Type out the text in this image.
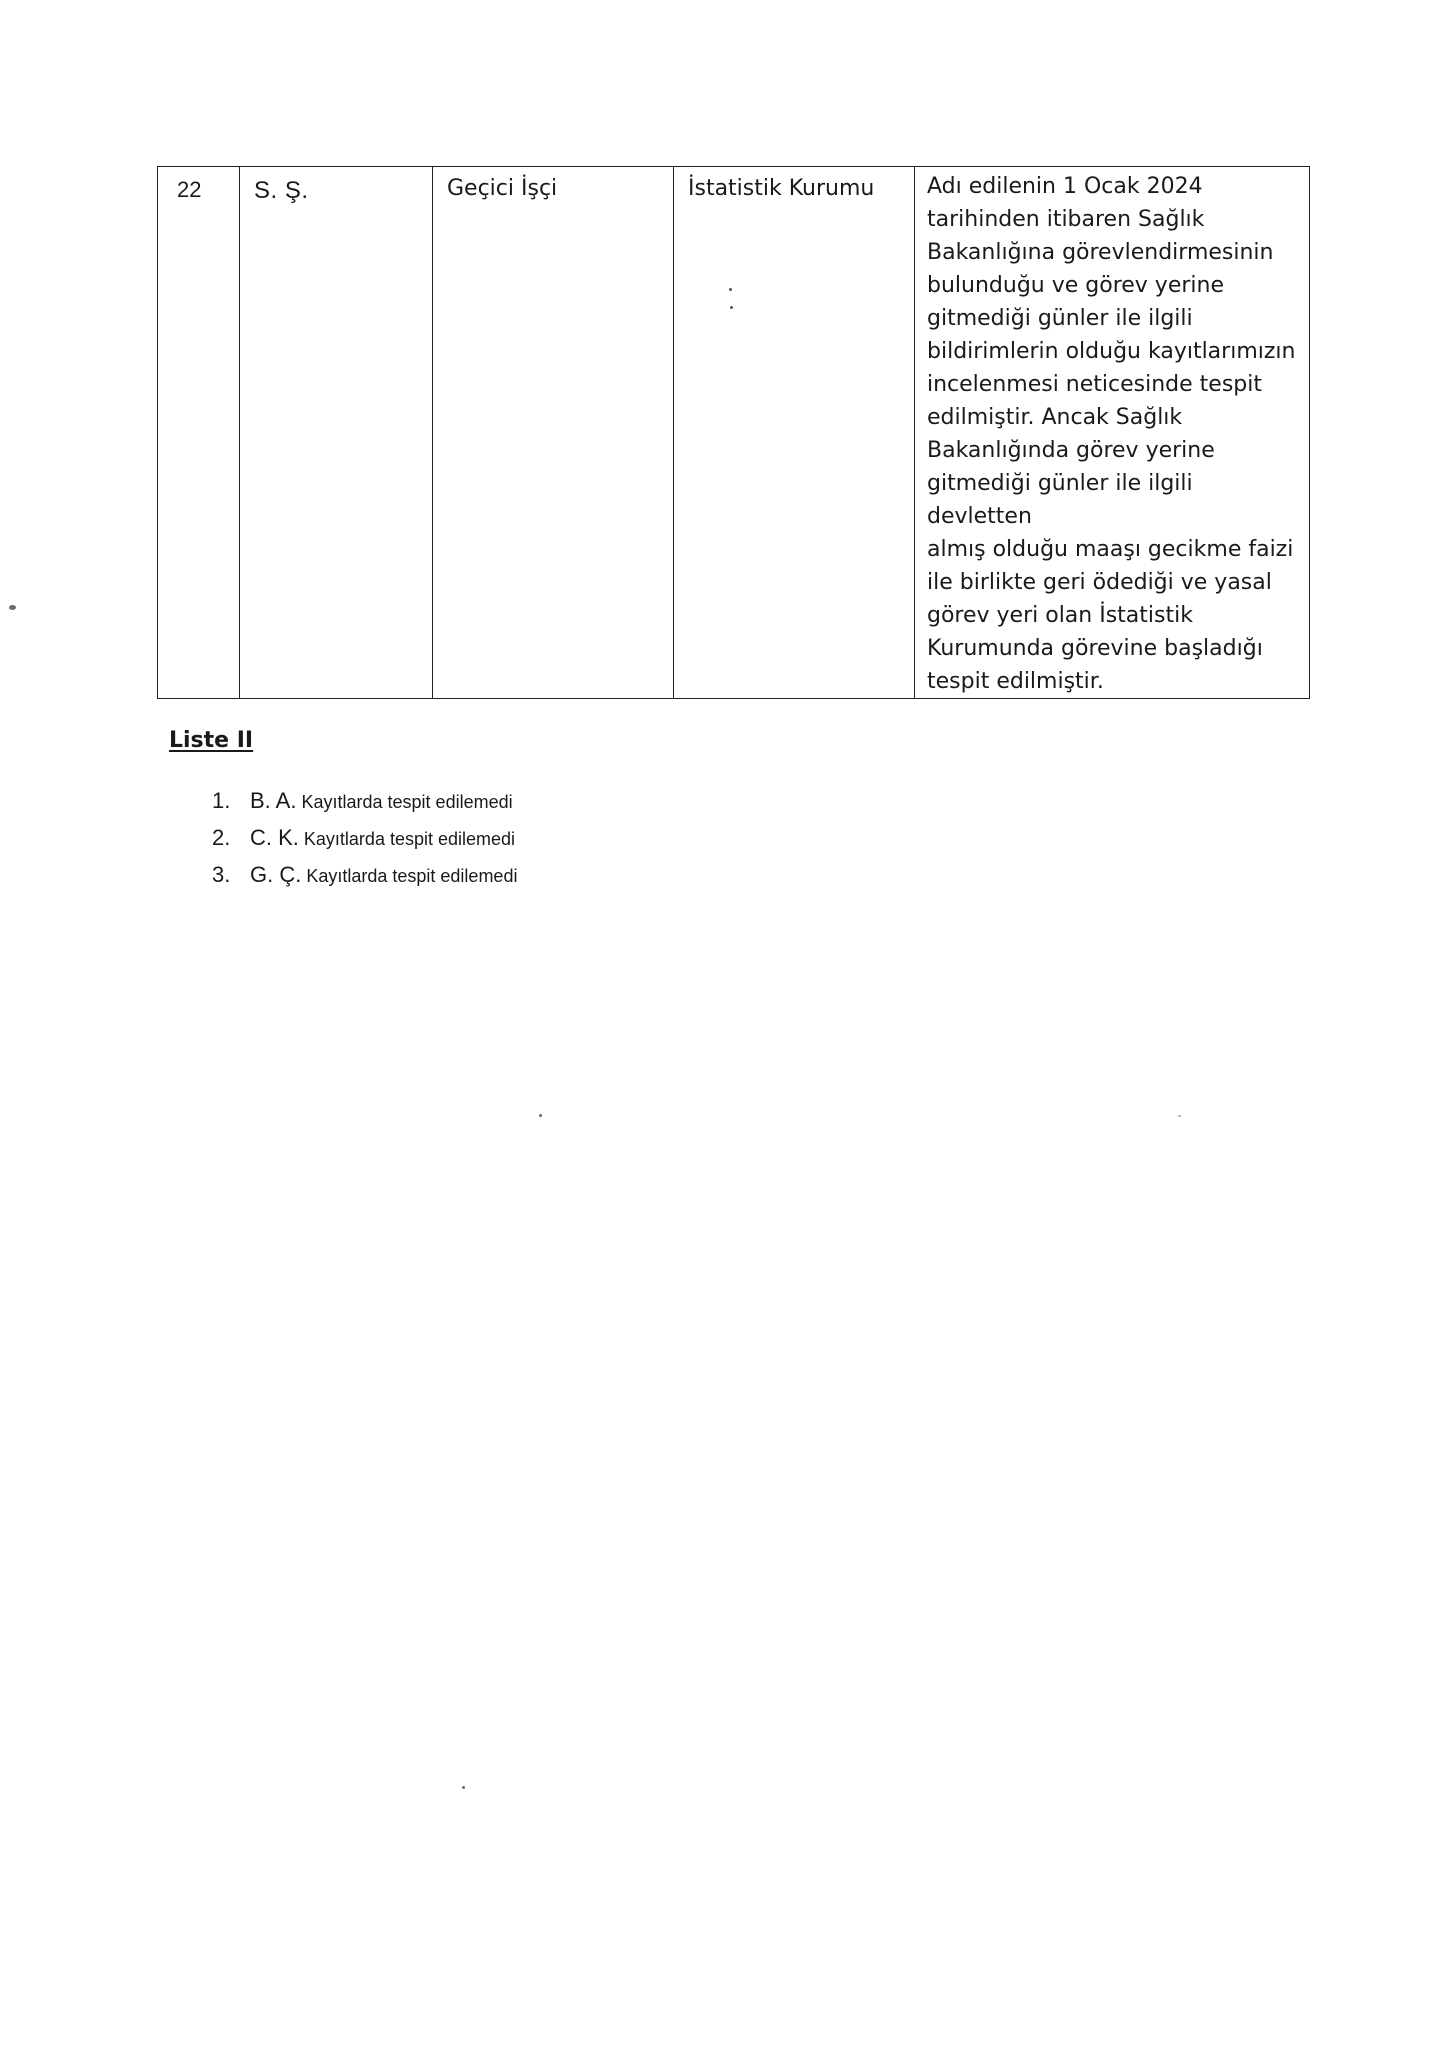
22	S. Ş.	Geçici İşçi	İstatistik Kurumu	Adı edilenin 1 Ocak 2024
tarihinden itibaren Sağlık
Bakanlığına görevlendirmesinin
bulunduğu ve görev yerine
gitmediği günler ile ilgili
bildirimlerin olduğu kayıtlarımızın
incelenmesi neticesinde tespit
edilmiştir. Ancak Sağlık
Bakanlığında görev yerine
gitmediği günler ile ilgili devletten
almış olduğu maaşı gecikme faizi
ile birlikte geri ödediği ve yasal
görev yeri olan İstatistik
Kurumunda görevine başladığı
tespit edilmiştir.
Liste II
1. B. A. Kayıtlarda tespit edilemedi
2. C. K. Kayıtlarda tespit edilemedi
3. G. Ç. Kayıtlarda tespit edilemedi
